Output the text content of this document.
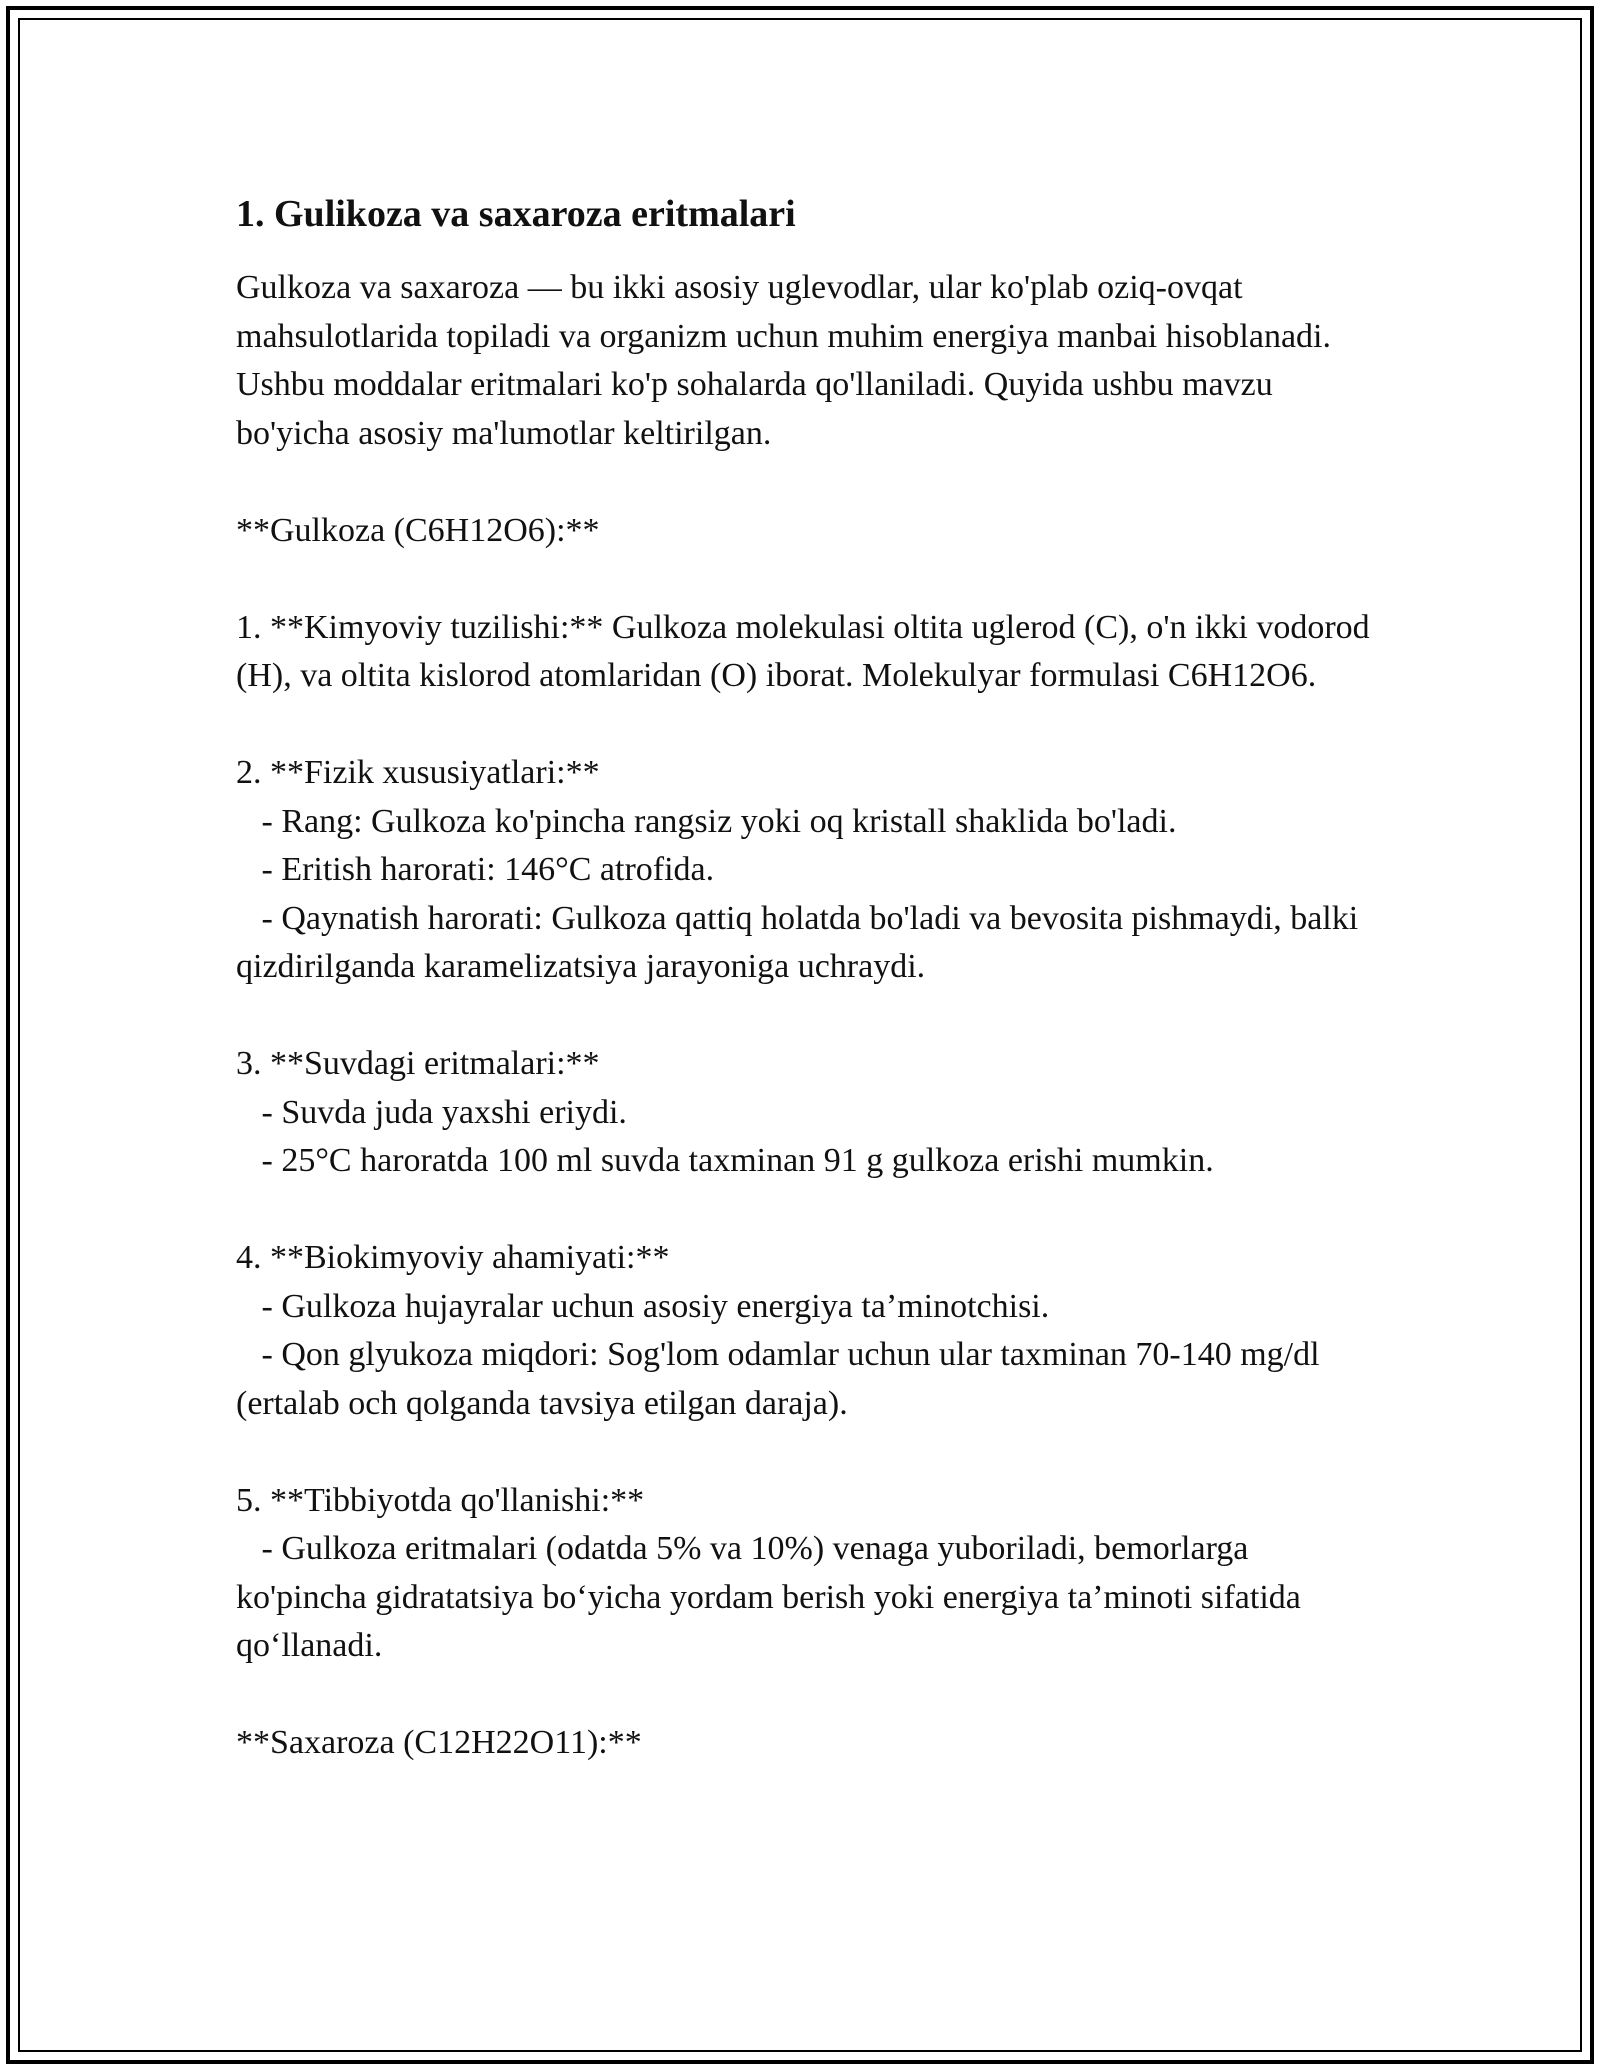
1. Gulikoza va saxaroza eritmalari

Gulkoza va saxaroza — bu ikki asosiy uglevodlar, ular ko'plab oziq-ovqat mahsulotlarida topiladi va organizm uchun muhim energiya manbai hisoblanadi. Ushbu moddalar eritmalari ko'p sohalarda qo'llaniladi. Quyida ushbu mavzu bo'yicha asosiy ma'lumotlar keltirilgan.

**Gulkoza (C6H12O6):**

1. **Kimyoviy tuzilishi:** Gulkoza molekulasi oltita uglerod (C), o'n ikki vodorod (H), va oltita kislorod atomlaridan (O) iborat. Molekulyar formulasi C6H12O6.

2. **Fizik xususiyatlari:**

- Rang: Gulkoza ko'pincha rangsiz yoki oq kristall shaklida bo'ladi.

- Eritish harorati: 146°C atrofida.

- Qaynatish harorati: Gulkoza qattiq holatda bo'ladi va bevosita pishmaydi, balki qizdirilganda karamelizatsiya jarayoniga uchraydi.

3. **Suvdagi eritmalari:**

- Suvda juda yaxshi eriydi.

- 25°C haroratda 100 ml suvda taxminan 91 g gulkoza erishi mumkin.

4. **Biokimyoviy ahamiyati:**

- Gulkoza hujayralar uchun asosiy energiya ta’minotchisi.

- Qon glyukoza miqdori: Sog'lom odamlar uchun ular taxminan 70-140 mg/dl (ertalab och qolganda tavsiya etilgan daraja).

5. **Tibbiyotda qo'llanishi:**

- Gulkoza eritmalari (odatda 5% va 10%) venaga yuboriladi, bemorlarga ko'pincha gidratatsiya bo‘yicha yordam berish yoki energiya ta’minoti sifatida qo‘llanadi.

**Saxaroza (C12H22O11):**
